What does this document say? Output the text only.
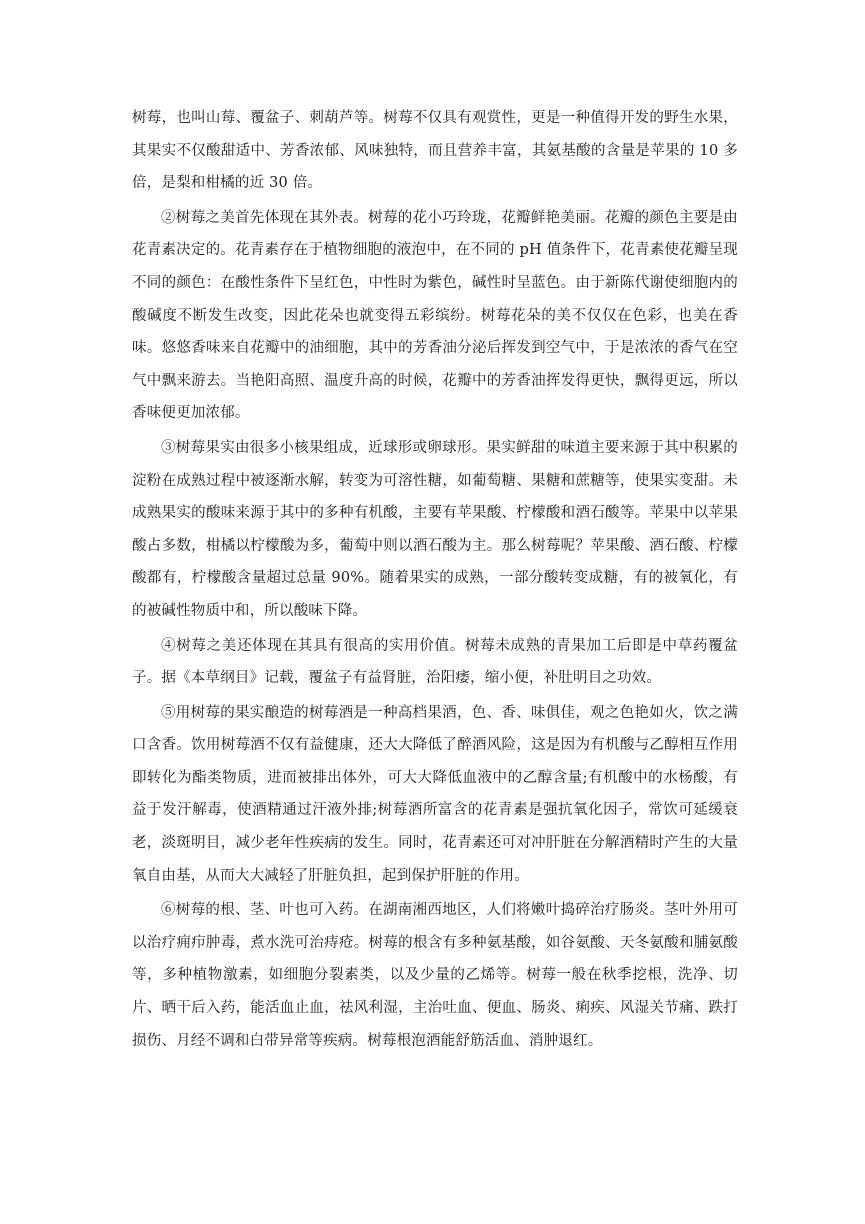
树莓，也叫山莓、覆盆子、刺葫芦等。树莓不仅具有观赏性，更是一种值得开发的野生水果，其果实不仅酸甜适中、芳香浓郁、风味独特，而且营养丰富，其氨基酸的含量是苹果的 10 多倍，是梨和柑橘的近 30 倍。

②树莓之美首先体现在其外表。树莓的花小巧玲珑，花瓣鲜艳美丽。花瓣的颜色主要是由花青素决定的。花青素存在于植物细胞的液泡中，在不同的 pH 值条件下，花青素使花瓣呈现不同的颜色：在酸性条件下呈红色，中性时为紫色，碱性时呈蓝色。由于新陈代谢使细胞内的酸碱度不断发生改变，因此花朵也就变得五彩缤纷。树莓花朵的美不仅仅在色彩，也美在香味。悠悠香味来自花瓣中的油细胞，其中的芳香油分泌后挥发到空气中，于是浓浓的香气在空气中飘来游去。当艳阳高照、温度升高的时候，花瓣中的芳香油挥发得更快，飘得更远，所以香味便更加浓郁。

③树莓果实由很多小核果组成，近球形或卵球形。果实鲜甜的味道主要来源于其中积累的淀粉在成熟过程中被逐渐水解，转变为可溶性糖，如葡萄糖、果糖和蔗糖等，使果实变甜。未成熟果实的酸味来源于其中的多种有机酸，主要有苹果酸、柠檬酸和酒石酸等。苹果中以苹果酸占多数，柑橘以柠檬酸为多，葡萄中则以酒石酸为主。那么树莓呢？苹果酸、酒石酸、柠檬酸都有，柠檬酸含量超过总量 90%。随着果实的成熟，一部分酸转变成糖，有的被氧化，有的被碱性物质中和，所以酸味下降。

④树莓之美还体现在其具有很高的实用价值。树莓未成熟的青果加工后即是中草药覆盆子。据《本草纲目》记载，覆盆子有益肾脏，治阳痿，缩小便，补肚明目之功效。

⑤用树莓的果实酿造的树莓酒是一种高档果酒，色、香、味俱佳，观之色艳如火，饮之满口含香。饮用树莓酒不仅有益健康，还大大降低了醉酒风险，这是因为有机酸与乙醇相互作用即转化为酯类物质，进而被排出体外，可大大降低血液中的乙醇含量;有机酸中的水杨酸，有益于发汗解毒，使酒精通过汗液外排;树莓酒所富含的花青素是强抗氧化因子，常饮可延缓衰老，淡斑明目，减少老年性疾病的发生。同时，花青素还可对冲肝脏在分解酒精时产生的大量氧自由基，从而大大减轻了肝脏负担，起到保护肝脏的作用。

⑥树莓的根、茎、叶也可入药。在湖南湘西地区，人们将嫩叶捣碎治疗肠炎。茎叶外用可以治疗痈疖肿毒，煮水洗可治痔疮。树莓的根含有多种氨基酸，如谷氨酸、天冬氨酸和脯氨酸等，多种植物激素，如细胞分裂素类，以及少量的乙烯等。树莓一般在秋季挖根，洗净、切片、晒干后入药，能活血止血，祛风利湿，主治吐血、便血、肠炎、痢疾、风湿关节痛、跌打损伤、月经不调和白带异常等疾病。树莓根泡酒能舒筋活血、消肿退红。
